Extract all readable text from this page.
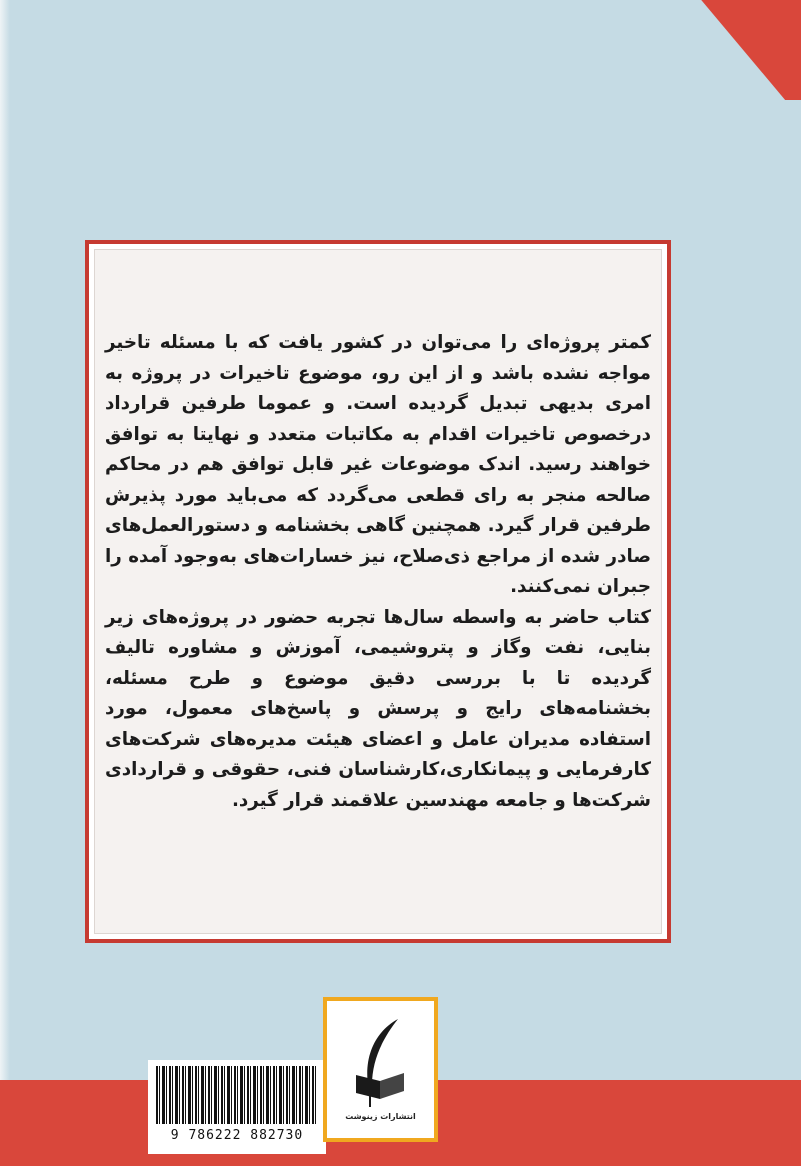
کمتر پروژه‌ای را می‌توان در کشور یافت که با مسئله تاخیر مواجه نشده باشد و از این رو، موضوع تاخیرات در پروژه به امری بدیهی تبدیل گردیده است. و عموما طرفین قرارداد درخصوص تاخیرات اقدام به مکاتبات متعدد و نهایتا به توافق خواهند رسید. اندک موضوعات غیر قابل توافق هم در محاکم صالحه منجر به رای قطعی می‌گردد که می‌باید مورد پذیرش طرفین قرار گیرد. همچنین گاهی بخشنامه و دستورالعمل‌های صادر شده از مراجع ذی‌صلاح، نیز خسارات‌های به‌وجود آمده را جبران نمی‌کنند.

کتاب حاضر به واسطه سال‌ها تجربه حضور در پروژه‌های زیر بنایی، نفت وگاز و پتروشیمی، آموزش و مشاوره تالیف گردیده تا با بررسی دقیق موضوع و طرح مسئله، بخشنامه‌های رایج و پرسش و پاسخ‌های معمول، مورد استفاده مدیران عامل و اعضای هیئت مدیره‌های شرکت‌های کارفرمایی و پیمانکاری،کارشناسان فنی، حقوقی و قراردادی شرکت‌ها و جامعه مهندسین علاقمند قرار گیرد.

9 786222 882730
انتشارات زینوشت
